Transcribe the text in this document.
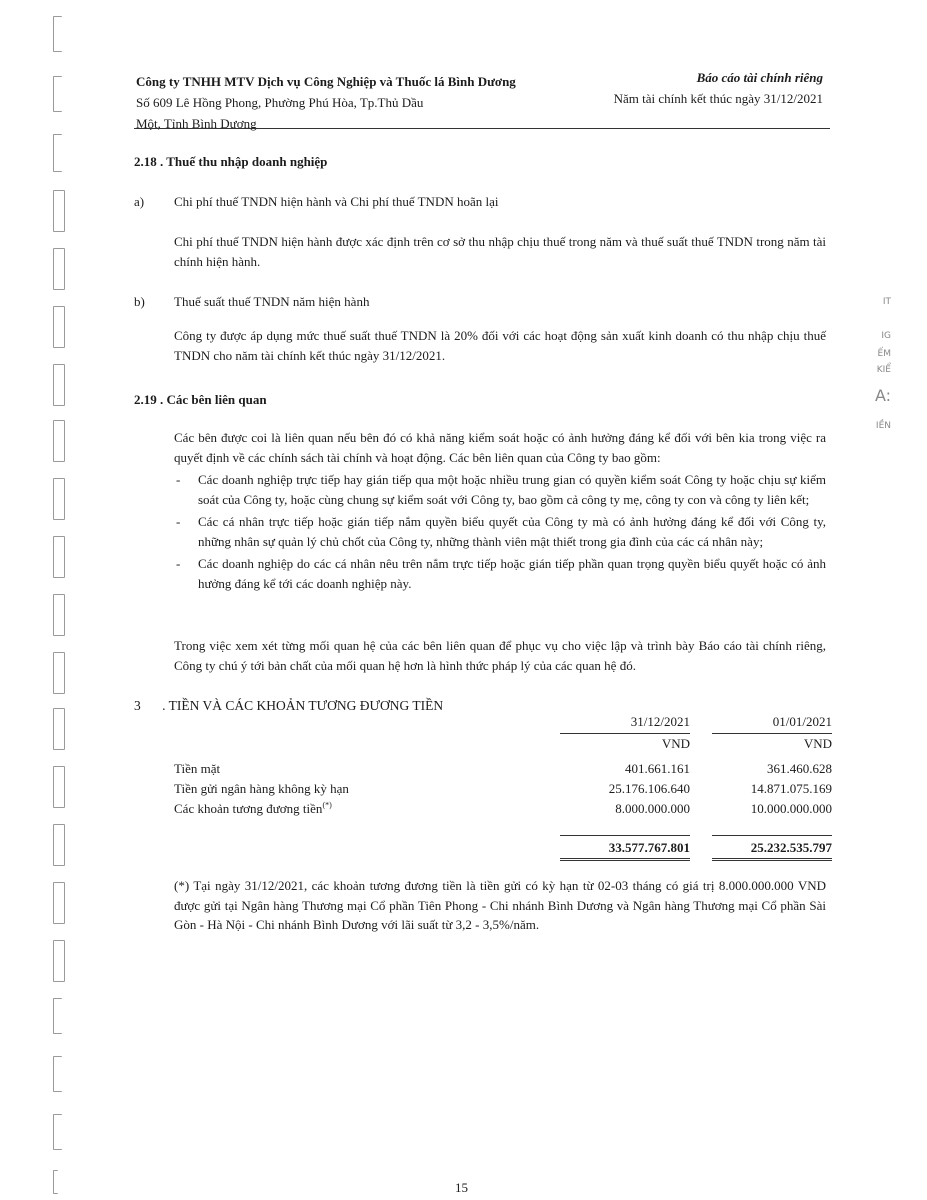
Công ty TNHH MTV Dịch vụ Công Nghiệp và Thuốc lá Bình Dương
Số 609 Lê Hồng Phong, Phường Phú Hòa, Tp.Thủ Dầu
Một, Tỉnh Bình Dương
Báo cáo tài chính riêng
Năm tài chính kết thúc ngày 31/12/2021
2.18 . Thuế thu nhập doanh nghiệp
a) Chi phí thuế TNDN hiện hành và Chi phí thuế TNDN hoãn lại

Chi phí thuế TNDN hiện hành được xác định trên cơ sở thu nhập chịu thuế trong năm và thuế suất thuế TNDN trong năm tài chính hiện hành.

b) Thuế suất thuế TNDN năm hiện hành

Công ty được áp dụng mức thuế suất thuế TNDN là 20% đối với các hoạt động sản xuất kinh doanh có thu nhập chịu thuế TNDN cho năm tài chính kết thúc ngày 31/12/2021.

2.19 . Các bên liên quan

Các bên được coi là liên quan nếu bên đó có khả năng kiểm soát hoặc có ảnh hưởng đáng kể đối với bên kia trong việc ra quyết định về các chính sách tài chính và hoạt động. Các bên liên quan của Công ty bao gồm:

- Các doanh nghiệp trực tiếp hay gián tiếp qua một hoặc nhiều trung gian có quyền kiểm soát Công ty hoặc chịu sự kiểm soát của Công ty, hoặc cùng chung sự kiểm soát với Công ty, bao gồm cả công ty mẹ, công ty con và công ty liên kết;
- Các cá nhân trực tiếp hoặc gián tiếp nắm quyền biểu quyết của Công ty mà có ảnh hưởng đáng kể đối với Công ty, những nhân sự quản lý chủ chốt của Công ty, những thành viên mật thiết trong gia đình của các cá nhân này;
- Các doanh nghiệp do các cá nhân nêu trên nắm trực tiếp hoặc gián tiếp phần quan trọng quyền biểu quyết hoặc có ảnh hưởng đáng kể tới các doanh nghiệp này.

Trong việc xem xét từng mối quan hệ của các bên liên quan để phục vụ cho việc lập và trình bày Báo cáo tài chính riêng, Công ty chú ý tới bản chất của mối quan hệ hơn là hình thức pháp lý của các quan hệ đó.

3 . TIỀN VÀ CÁC KHOẢN TƯƠNG ĐƯƠNG TIỀN
31/12/2021	01/01/2021
VND	VND
Tiền mặt	401.661.161	361.460.628
Tiền gửi ngân hàng không kỳ hạn	25.176.106.640	14.871.075.169
Các khoản tương đương tiền(*)	8.000.000.000	10.000.000.000
33.577.767.801	25.232.535.797

(*) Tại ngày 31/12/2021, các khoản tương đương tiền là tiền gửi có kỳ hạn từ 02-03 tháng có giá trị 8.000.000.000 VND được gửi tại Ngân hàng Thương mại Cổ phần Tiên Phong - Chi nhánh Bình Dương và Ngân hàng Thương mại Cổ phần Sài Gòn - Hà Nội - Chi nhánh Bình Dương với lãi suất từ 3,2 - 3,5%/năm.

IT
IG
ẾM
KIỂ
A:
IỀN
15
